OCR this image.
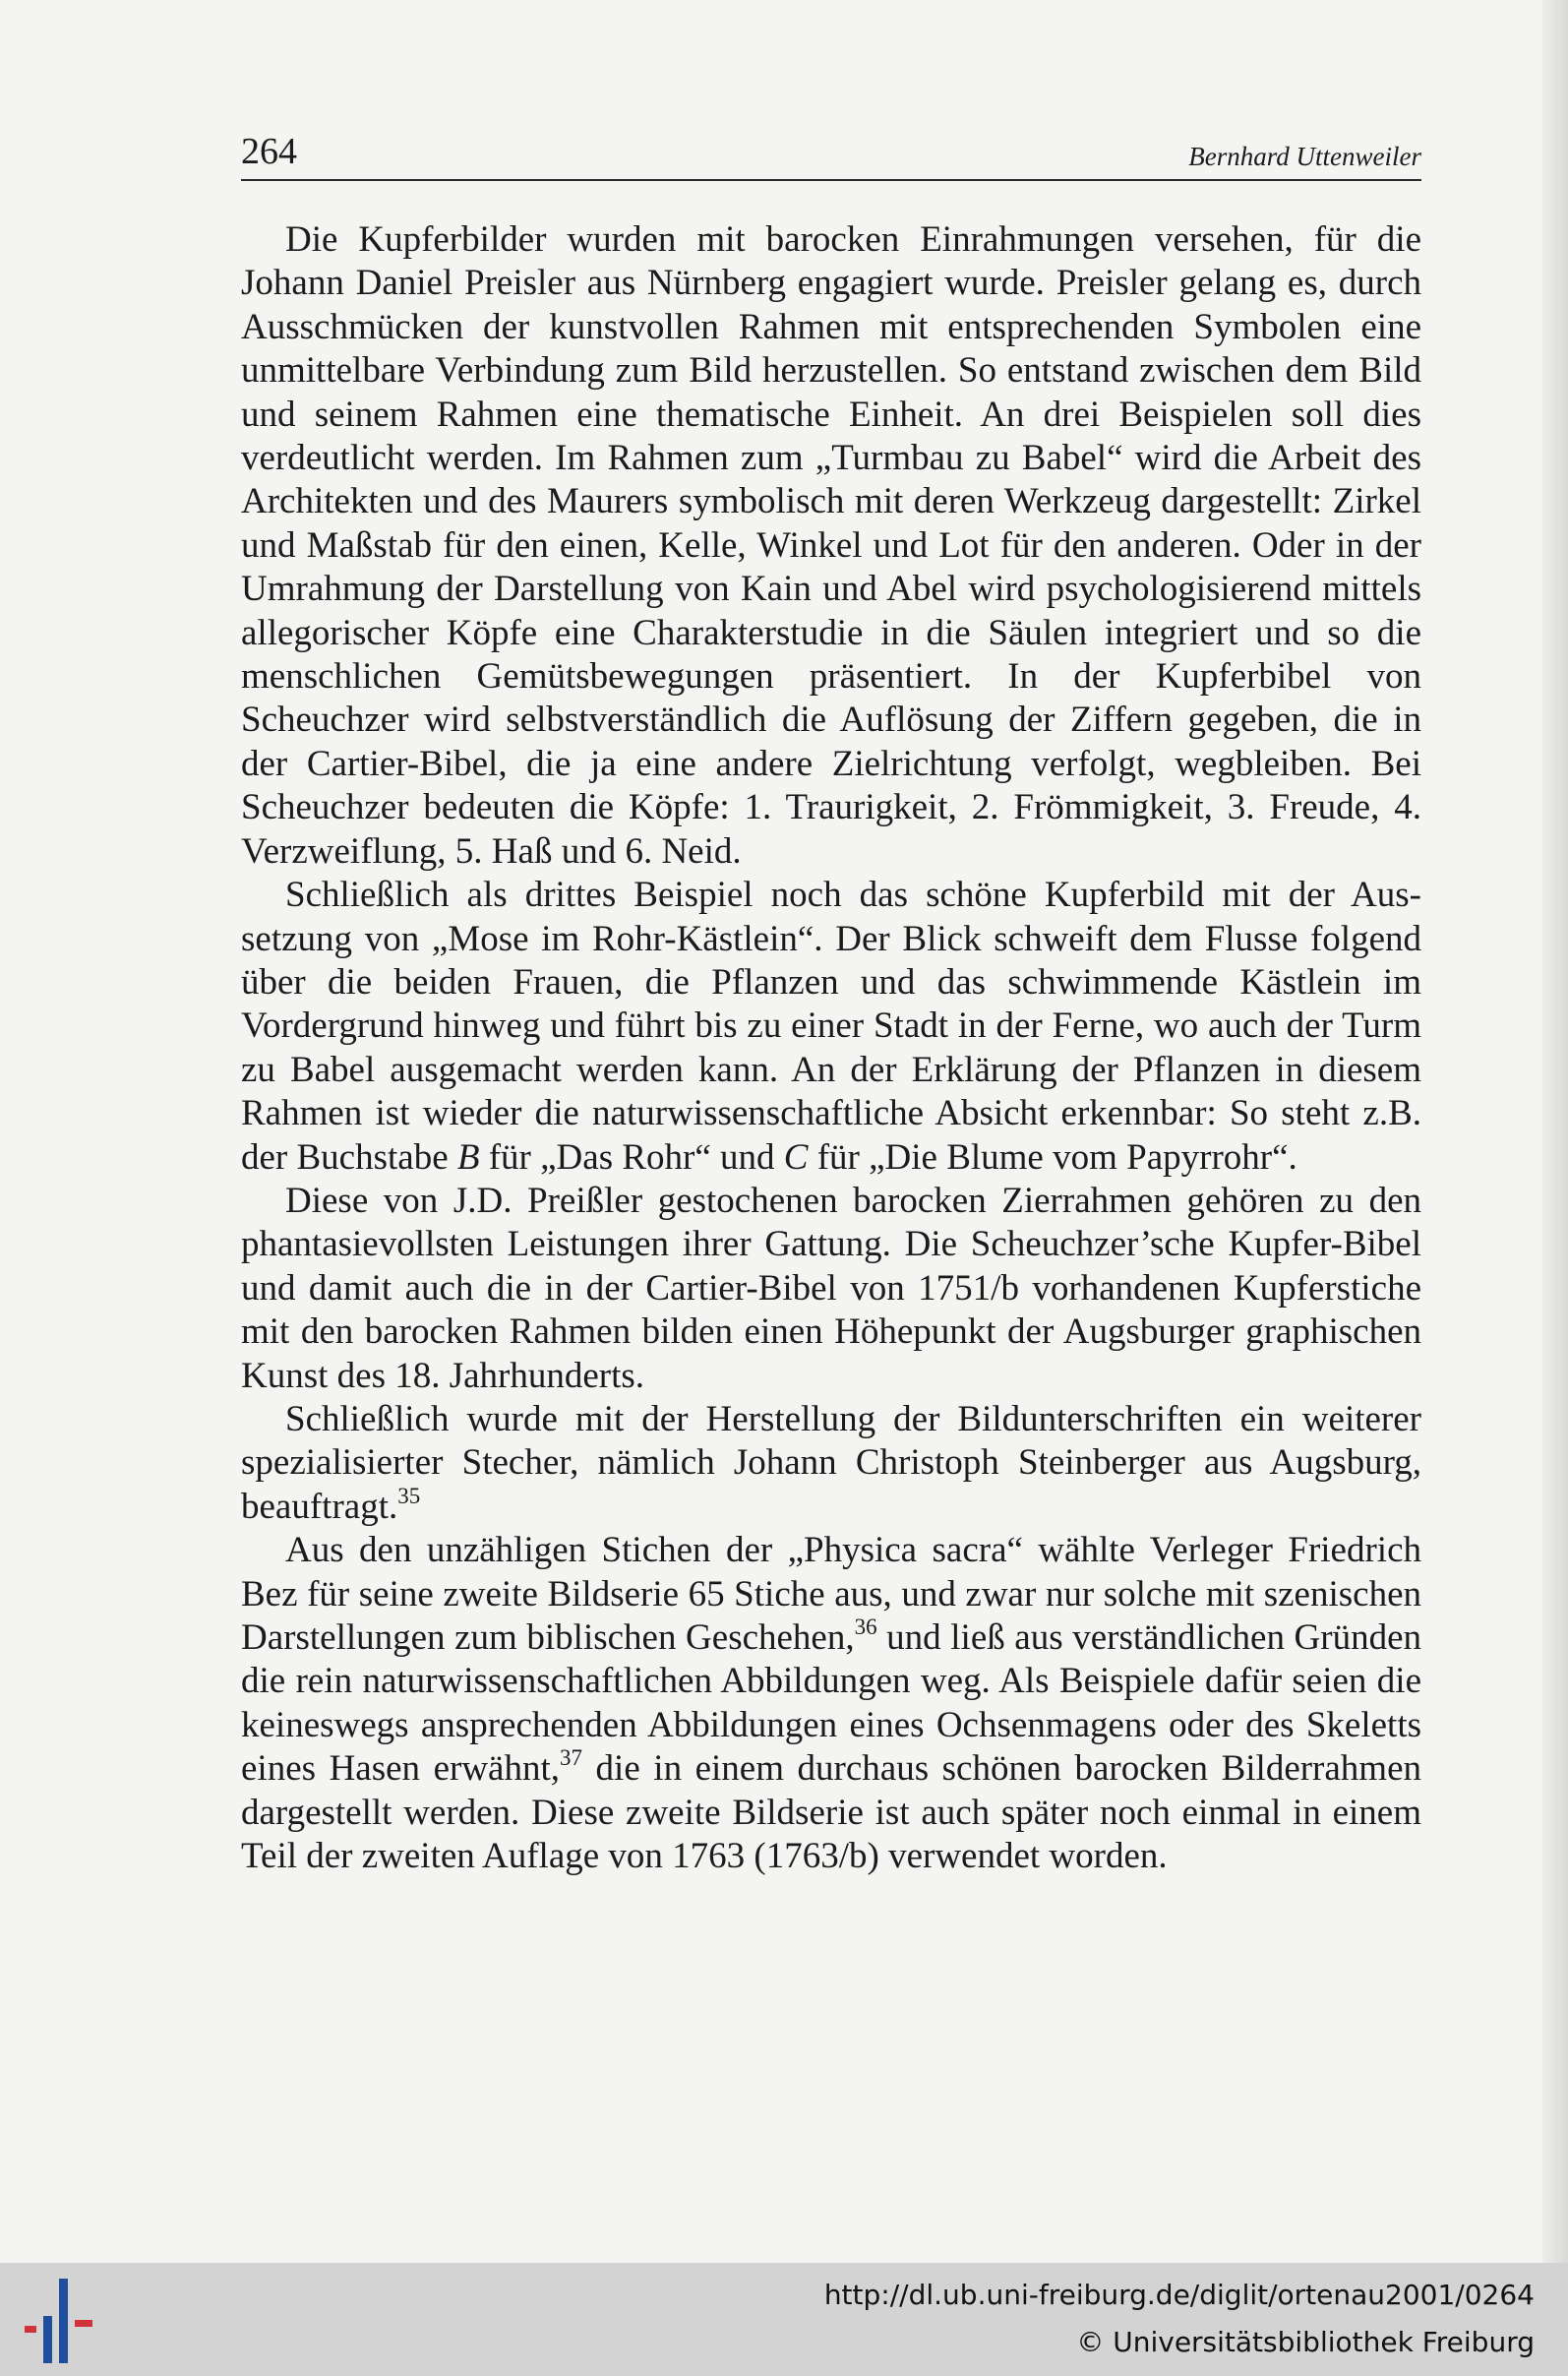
264	Bernhard Uttenweiler

Die Kupferbilder wurden mit barocken Einrahmungen versehen, für die Johann Daniel Preisler aus Nürnberg engagiert wurde. Preisler gelang es, durch Ausschmücken der kunstvollen Rahmen mit entsprechenden Symbolen eine unmittelbare Verbindung zum Bild herzustellen. So entstand zwischen dem Bild und seinem Rahmen eine thematische Einheit. An drei Beispielen soll dies verdeutlicht werden. Im Rahmen zum „Turmbau zu Babel“ wird die Arbeit des Architekten und des Maurers symbolisch mit deren Werkzeug dargestellt: Zirkel und Maßstab für den einen, Kelle, Winkel und Lot für den anderen. Oder in der Umrahmung der Darstellung von Kain und Abel wird psychologisierend mittels allegorischer Köpfe eine Charakterstudie in die Säulen integriert und so die menschlichen Gemütsbewegungen präsentiert. In der Kupferbibel von Scheuchzer wird selbstverständlich die Auflösung der Ziffern gegeben, die in der Cartier-Bibel, die ja eine andere Zielrichtung verfolgt, wegbleiben. Bei Scheuchzer bedeuten die Köpfe: 1. Traurigkeit, 2. Frömmigkeit, 3. Freude, 4. Verzweiflung, 5. Haß und 6. Neid.

Schließlich als drittes Beispiel noch das schöne Kupferbild mit der Aussetzung von „Mose im Rohr-Kästlein“. Der Blick schweift dem Flusse folgend über die beiden Frauen, die Pflanzen und das schwimmende Kästlein im Vordergrund hinweg und führt bis zu einer Stadt in der Ferne, wo auch der Turm zu Babel ausgemacht werden kann. An der Erklärung der Pflanzen in diesem Rahmen ist wieder die naturwissenschaftliche Absicht erkennbar: So steht z.B. der Buchstabe B für „Das Rohr“ und C für „Die Blume vom Papyrrohr“.

Diese von J.D. Preißler gestochenen barocken Zierrahmen gehören zu den phantasievollsten Leistungen ihrer Gattung. Die Scheuchzer’sche Kupfer-Bibel und damit auch die in der Cartier-Bibel von 1751/b vorhandenen Kupferstiche mit den barocken Rahmen bilden einen Höhepunkt der Augsburger graphischen Kunst des 18. Jahrhunderts.

Schließlich wurde mit der Herstellung der Bildunterschriften ein weiterer spezialisierter Stecher, nämlich Johann Christoph Steinberger aus Augsburg, beauftragt.$^{35}$

Aus den unzähligen Stichen der „Physica sacra“ wählte Verleger Friedrich Bez für seine zweite Bildserie 65 Stiche aus, und zwar nur solche mit szenischen Darstellungen zum biblischen Geschehen,$^{36}$ und ließ aus verständlichen Gründen die rein naturwissenschaftlichen Abbildungen weg. Als Beispiele dafür seien die keineswegs ansprechenden Abbildungen eines Ochsenmagens oder des Skeletts eines Hasen erwähnt,$^{37}$ die in einem durchaus schönen barocken Bilderrahmen dargestellt werden. Diese zweite Bildserie ist auch später noch einmal in einem Teil der zweiten Auflage von 1763 (1763/b) verwendet worden.

http://dl.ub.uni-freiburg.de/diglit/ortenau2001/0264
© Universitätsbibliothek Freiburg
